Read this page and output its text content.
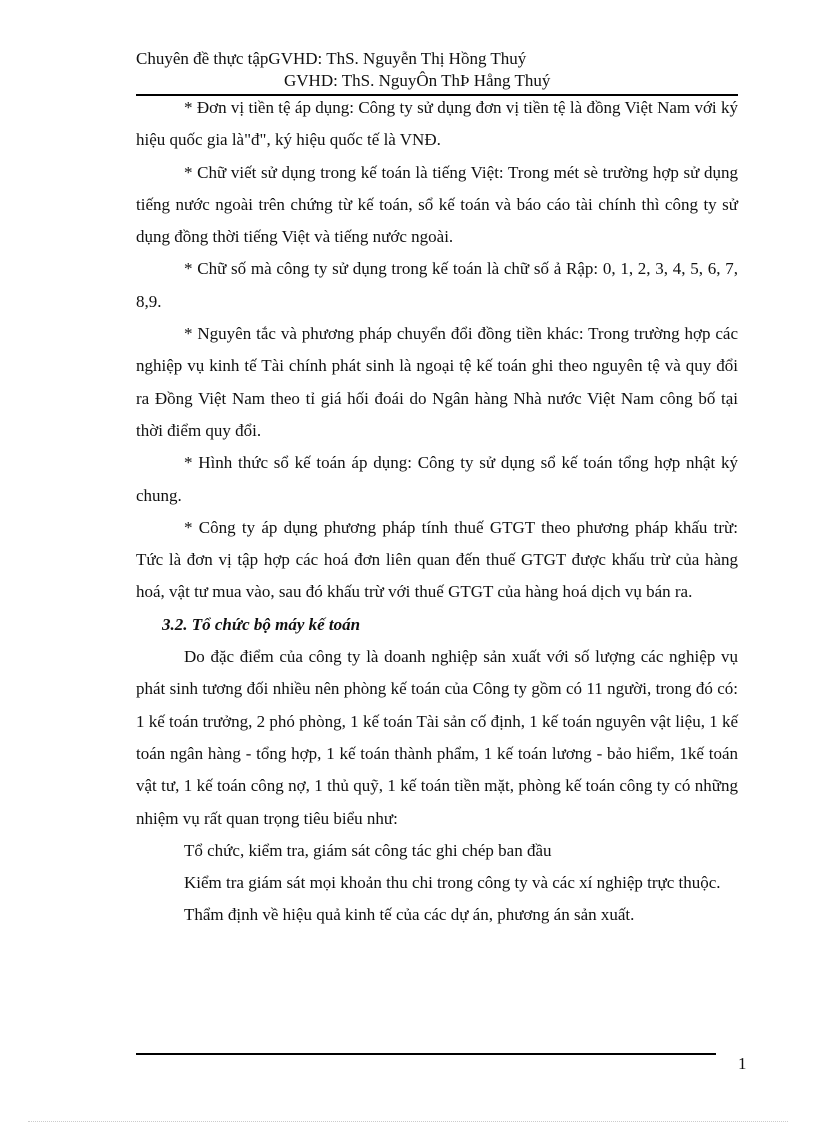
Chuyên đề thực tậpGVHD: ThS. Nguyễn Thị Hồng Thuý
GVHD: ThS. NguyÔn ThÞ Hång Thuý

* Đơn vị tiền tệ áp dụng: Công ty sử dụng đơn vị tiền tệ là đồng Việt Nam với ký hiệu quốc gia là"đ", ký hiệu quốc tế là VNĐ.

* Chữ viết sử dụng trong kế toán là tiếng Việt: Trong mét sè trường hợp sử dụng tiếng nước ngoài trên chứng từ kế toán, sổ kế toán và báo cáo tài chính thì công ty sử dụng đồng thời tiếng Việt và tiếng nước ngoài.

* Chữ số mà công ty sử dụng trong kế toán là chữ số ả Rập: 0, 1, 2, 3, 4, 5, 6, 7, 8,9.

* Nguyên tắc và phương pháp chuyển đổi đồng tiền khác: Trong trường hợp các nghiệp vụ kinh tế Tài chính phát sinh là ngoại tệ kế toán ghi theo nguyên tệ và quy đổi ra Đồng Việt Nam theo tỉ giá hối đoái do Ngân hàng Nhà nước Việt Nam công bố tại thời điểm quy đổi.

* Hình thức sổ kế toán áp dụng: Công ty sử dụng sổ kế toán tổng hợp nhật ký chung.

* Công ty áp dụng phương pháp tính thuế GTGT theo phương pháp khấu trừ: Tức là đơn vị tập hợp các hoá đơn liên quan đến thuế GTGT được khấu trừ của hàng hoá, vật tư mua vào, sau đó khấu trừ với thuế GTGT của hàng hoá dịch vụ bán ra.

3.2. Tổ chức bộ máy kế toán

Do đặc điểm của công ty là doanh nghiệp sản xuất với số lượng các nghiệp vụ phát sinh tương đối nhiều nên phòng kế toán của Công ty gồm có 11 người, trong đó có: 1 kế toán trưởng, 2 phó phòng, 1 kế toán Tài sản cố định, 1 kế toán nguyên vật liệu, 1 kế toán ngân hàng - tổng hợp, 1 kế toán thành phẩm, 1 kế toán lương - bảo hiểm, 1kế toán vật tư, 1 kế toán công nợ, 1 thủ quỹ, 1 kế toán tiền mặt, phòng kế toán công ty có những nhiệm vụ rất quan trọng tiêu biểu như:

Tổ chức, kiểm tra, giám sát công tác ghi chép ban đầu

Kiểm tra giám sát mọi khoản thu chi trong công ty và các xí nghiệp trực thuộc.

Thẩm định về hiệu quả kinh tế của các dự án, phương án sản xuất.

1
